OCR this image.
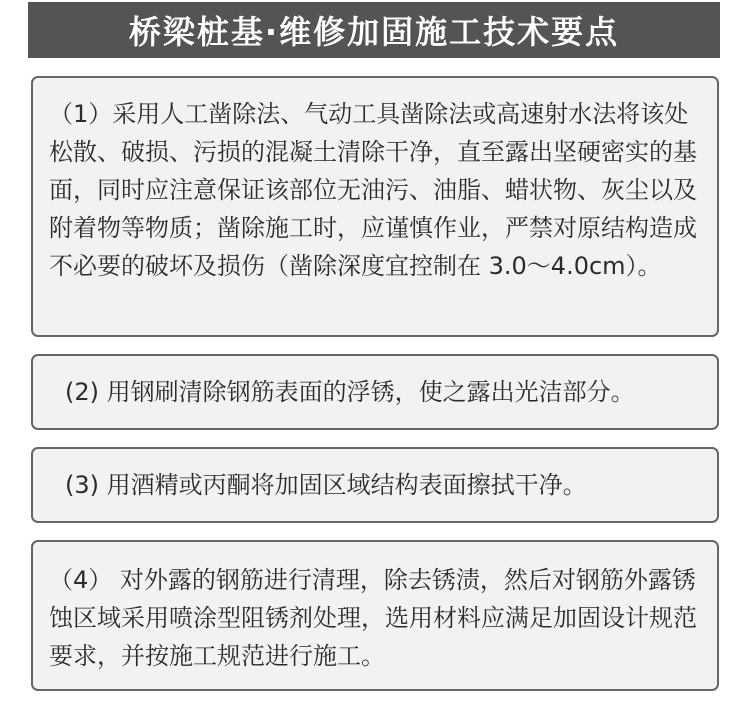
桥梁桩基·维修加固施工技术要点

（1）采用人工凿除法、气动工具凿除法或高速射水法将该处松散、破损、污损的混凝土清除干净，直至露出坚硬密实的基面，同时应注意保证该部位无油污、油脂、蜡状物、灰尘以及附着物等物质；凿除施工时，应谨慎作业，严禁对原结构造成不必要的破坏及损伤（凿除深度宜控制在 3.0～4.0cm）。

(2) 用钢刷清除钢筋表面的浮锈，使之露出光洁部分。

(3) 用酒精或丙酮将加固区域结构表面擦拭干净。

（4） 对外露的钢筋进行清理，除去锈渍，然后对钢筋外露锈蚀区域采用喷涂型阻锈剂处理，选用材料应满足加固设计规范要求，并按施工规范进行施工。
